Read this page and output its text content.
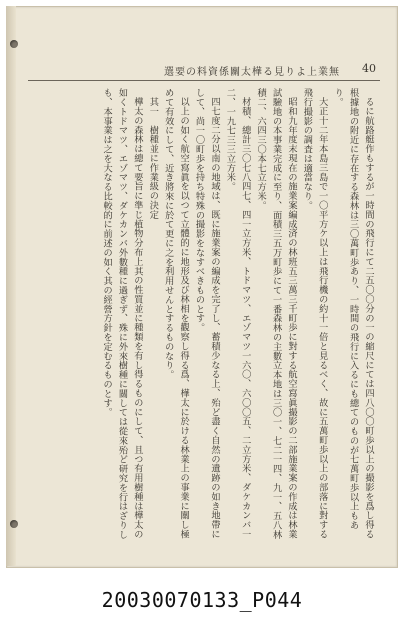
選要の料資係關太樺る見りよ上業無 40

るに航路艇作もするが一時間の飛行にて二五〇〇分の一の縮尺にては四八〇〇町歩以上の撮影を爲し得る根據地の附近に存在する森林は三〇萬町歩あり、一時間の飛行に入るにも總てのものが七萬町歩以上もあり。

大正十二年本島三島で一〇平方ケ以上は飛行機の約十一倍と見るべく、故に五萬町歩以上の部落に對する飛行撮影の調査は適當なり。

昭和九年度末現在の施業案編成済の林班五三萬三千町歩に對する航空寫眞撮影の二部施業案の作成は林業試驗地の本事業完成に至り、面積三五万町歩にて一番森林の主數立本地は三〇一、七二一四、九一、五八林積二、六四三〇本七立方米。

材積、總計三〇七八四七、四一立方米、トドマツ、エゾマツ一六〇、六〇〇五、二立方米、ダケカンバ一二、一九七三三立方米。

四七度二分以南の地域は、既に施業案の編成を完了し、蓄積少なる上、殆ど盡く自然の遺跡の如き地帶にして、尚一〇町歩を持ち特殊の撮影をなすべきものとす。

以上の如く航空寫眞を以つて立體的に地形及び林相を觀察し得る爲、樺太に於ける林業上の事業に關し極めて有效にして、近き將來に於て更に之を利用せんとするものなり。

其一　樹種並に作業級の決定

樺太の森林は總て要旨に準じ植物分布上其の性質並に種類を有し得るものにして、且つ有用樹種は樺太の如くトドマツ、エゾマツ、ダケカンバ外數種に過ぎず、殊に外來樹種に關しては從來殆ど研究を行はざりしも、本事業は之を大なる比較的に前述の如く其の經營方針を定むるものとす。

20030070133_P044
